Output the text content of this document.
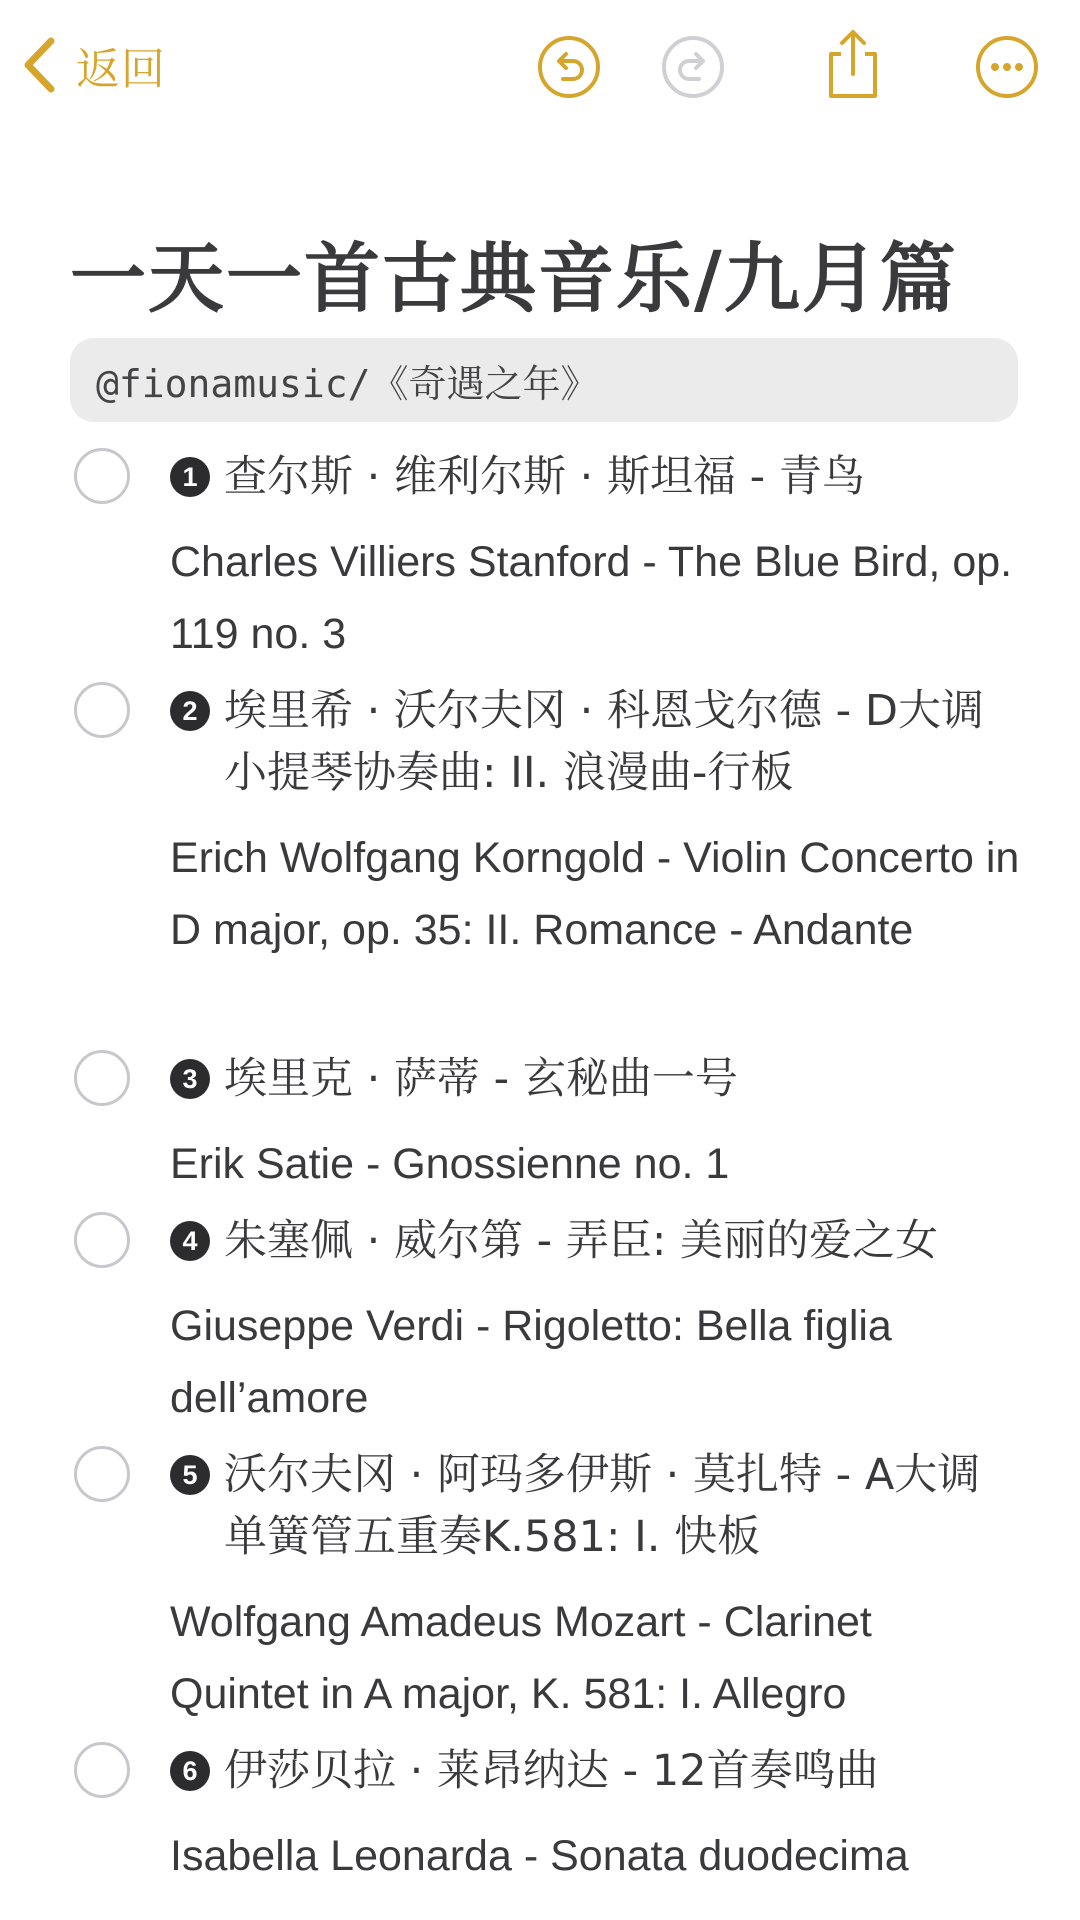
返回
一天一首古典音乐/九月篇
@fionamusic/《奇遇之年》
1 查尔斯 · 维利尔斯 · 斯坦福 - 青鸟
Charles Villiers Stanford - The Blue Bird, op. 119 no. 3
2 埃里希 · 沃尔夫冈 · 科恩戈尔德 - D大调小提琴协奏曲: II. 浪漫曲-行板
Erich Wolfgang Korngold - Violin Concerto in D major, op. 35: II. Romance - Andante
3 埃里克 · 萨蒂 - 玄秘曲一号
Erik Satie - Gnossienne no. 1
4 朱塞佩 · 威尔第 - 弄臣: 美丽的爱之女
Giuseppe Verdi - Rigoletto: Bella figlia dell’amore
5 沃尔夫冈 · 阿玛多伊斯 · 莫扎特 - A大调单簧管五重奏K.581: I. 快板
Wolfgang Amadeus Mozart - Clarinet Quintet in A major, K. 581: I. Allegro
6 伊莎贝拉 · 莱昂纳达 - 12首奏鸣曲
Isabella Leonarda - Sonata duodecima
